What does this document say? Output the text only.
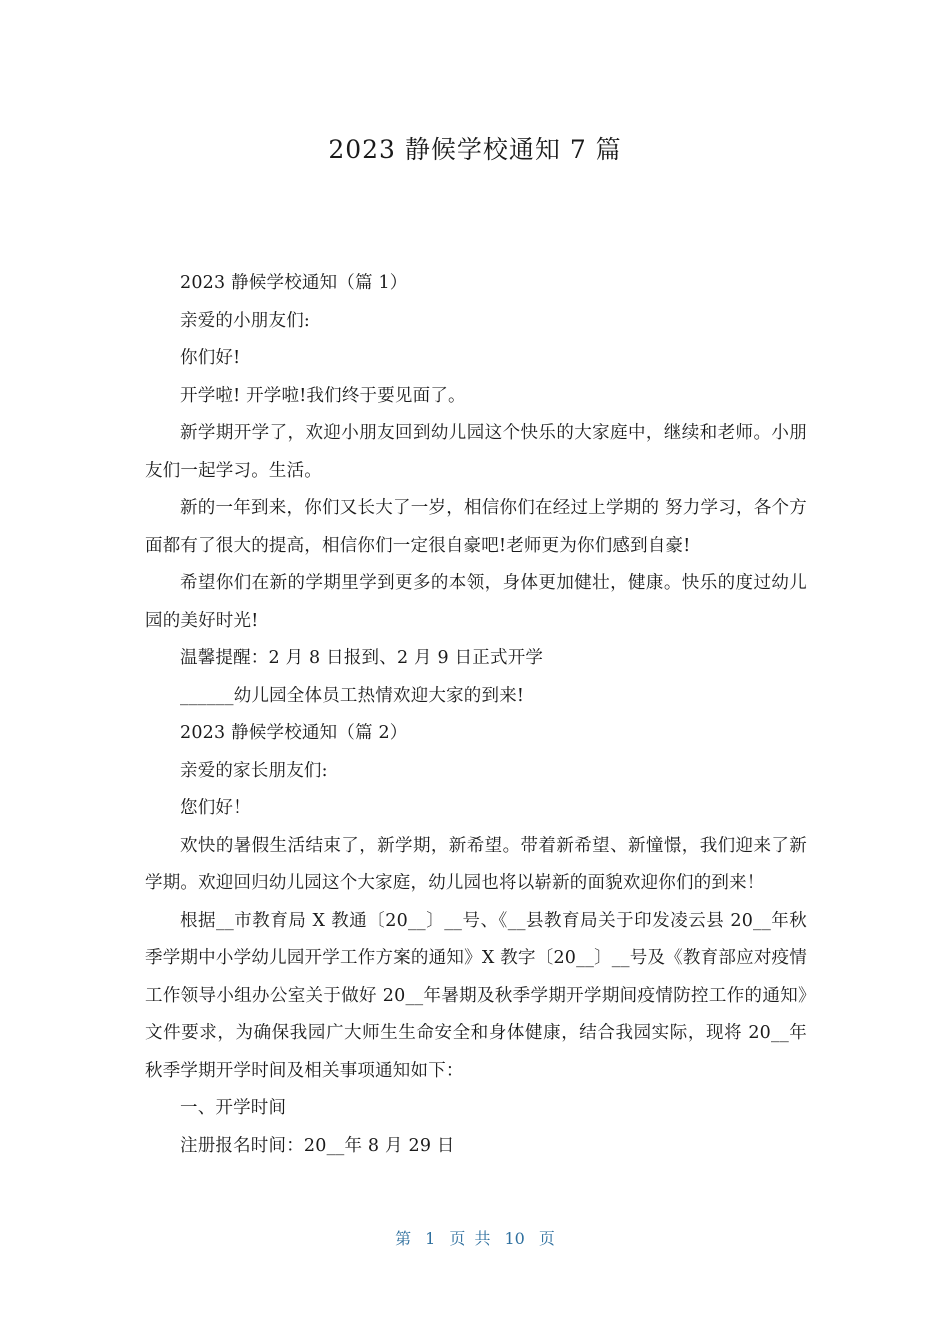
2023 静候学校通知 7 篇

2023 静候学校通知（篇 1）

亲爱的小朋友们:

你们好!

开学啦! 开学啦!我们终于要见面了。

新学期开学了，欢迎小朋友回到幼儿园这个快乐的大家庭中，继续和老师。小朋友们一起学习。生活。

新的一年到来，你们又长大了一岁，相信你们在经过上学期的 努力学习，各个方面都有了很大的提高，相信你们一定很自豪吧!老师更为你们感到自豪!

希望你们在新的学期里学到更多的本领，身体更加健壮，健康。快乐的度过幼儿园的美好时光!

温馨提醒：2 月 8 日报到、2 月 9 日正式开学

______幼儿园全体员工热情欢迎大家的到来!

2023 静候学校通知（篇 2）

亲爱的家长朋友们:

您们好！

欢快的暑假生活结束了，新学期，新希望。带着新希望、新憧憬，我们迎来了新学期。欢迎回归幼儿园这个大家庭，幼儿园也将以崭新的面貌欢迎你们的到来！

根据__市教育局 X 教通〔20__〕__号、《__县教育局关于印发凌云县 20__年秋季学期中小学幼儿园开学工作方案的通知》X 教字〔20__〕__号及《教育部应对疫情工作领导小组办公室关于做好 20__年暑期及秋季学期开学期间疫情防控工作的通知》文件要求，为确保我园广大师生生命安全和身体健康，结合我园实际，现将 20__年秋季学期开学时间及相关事项通知如下：

一、开学时间

注册报名时间：20__年 8 月 29 日

第 1 页 共 10 页
